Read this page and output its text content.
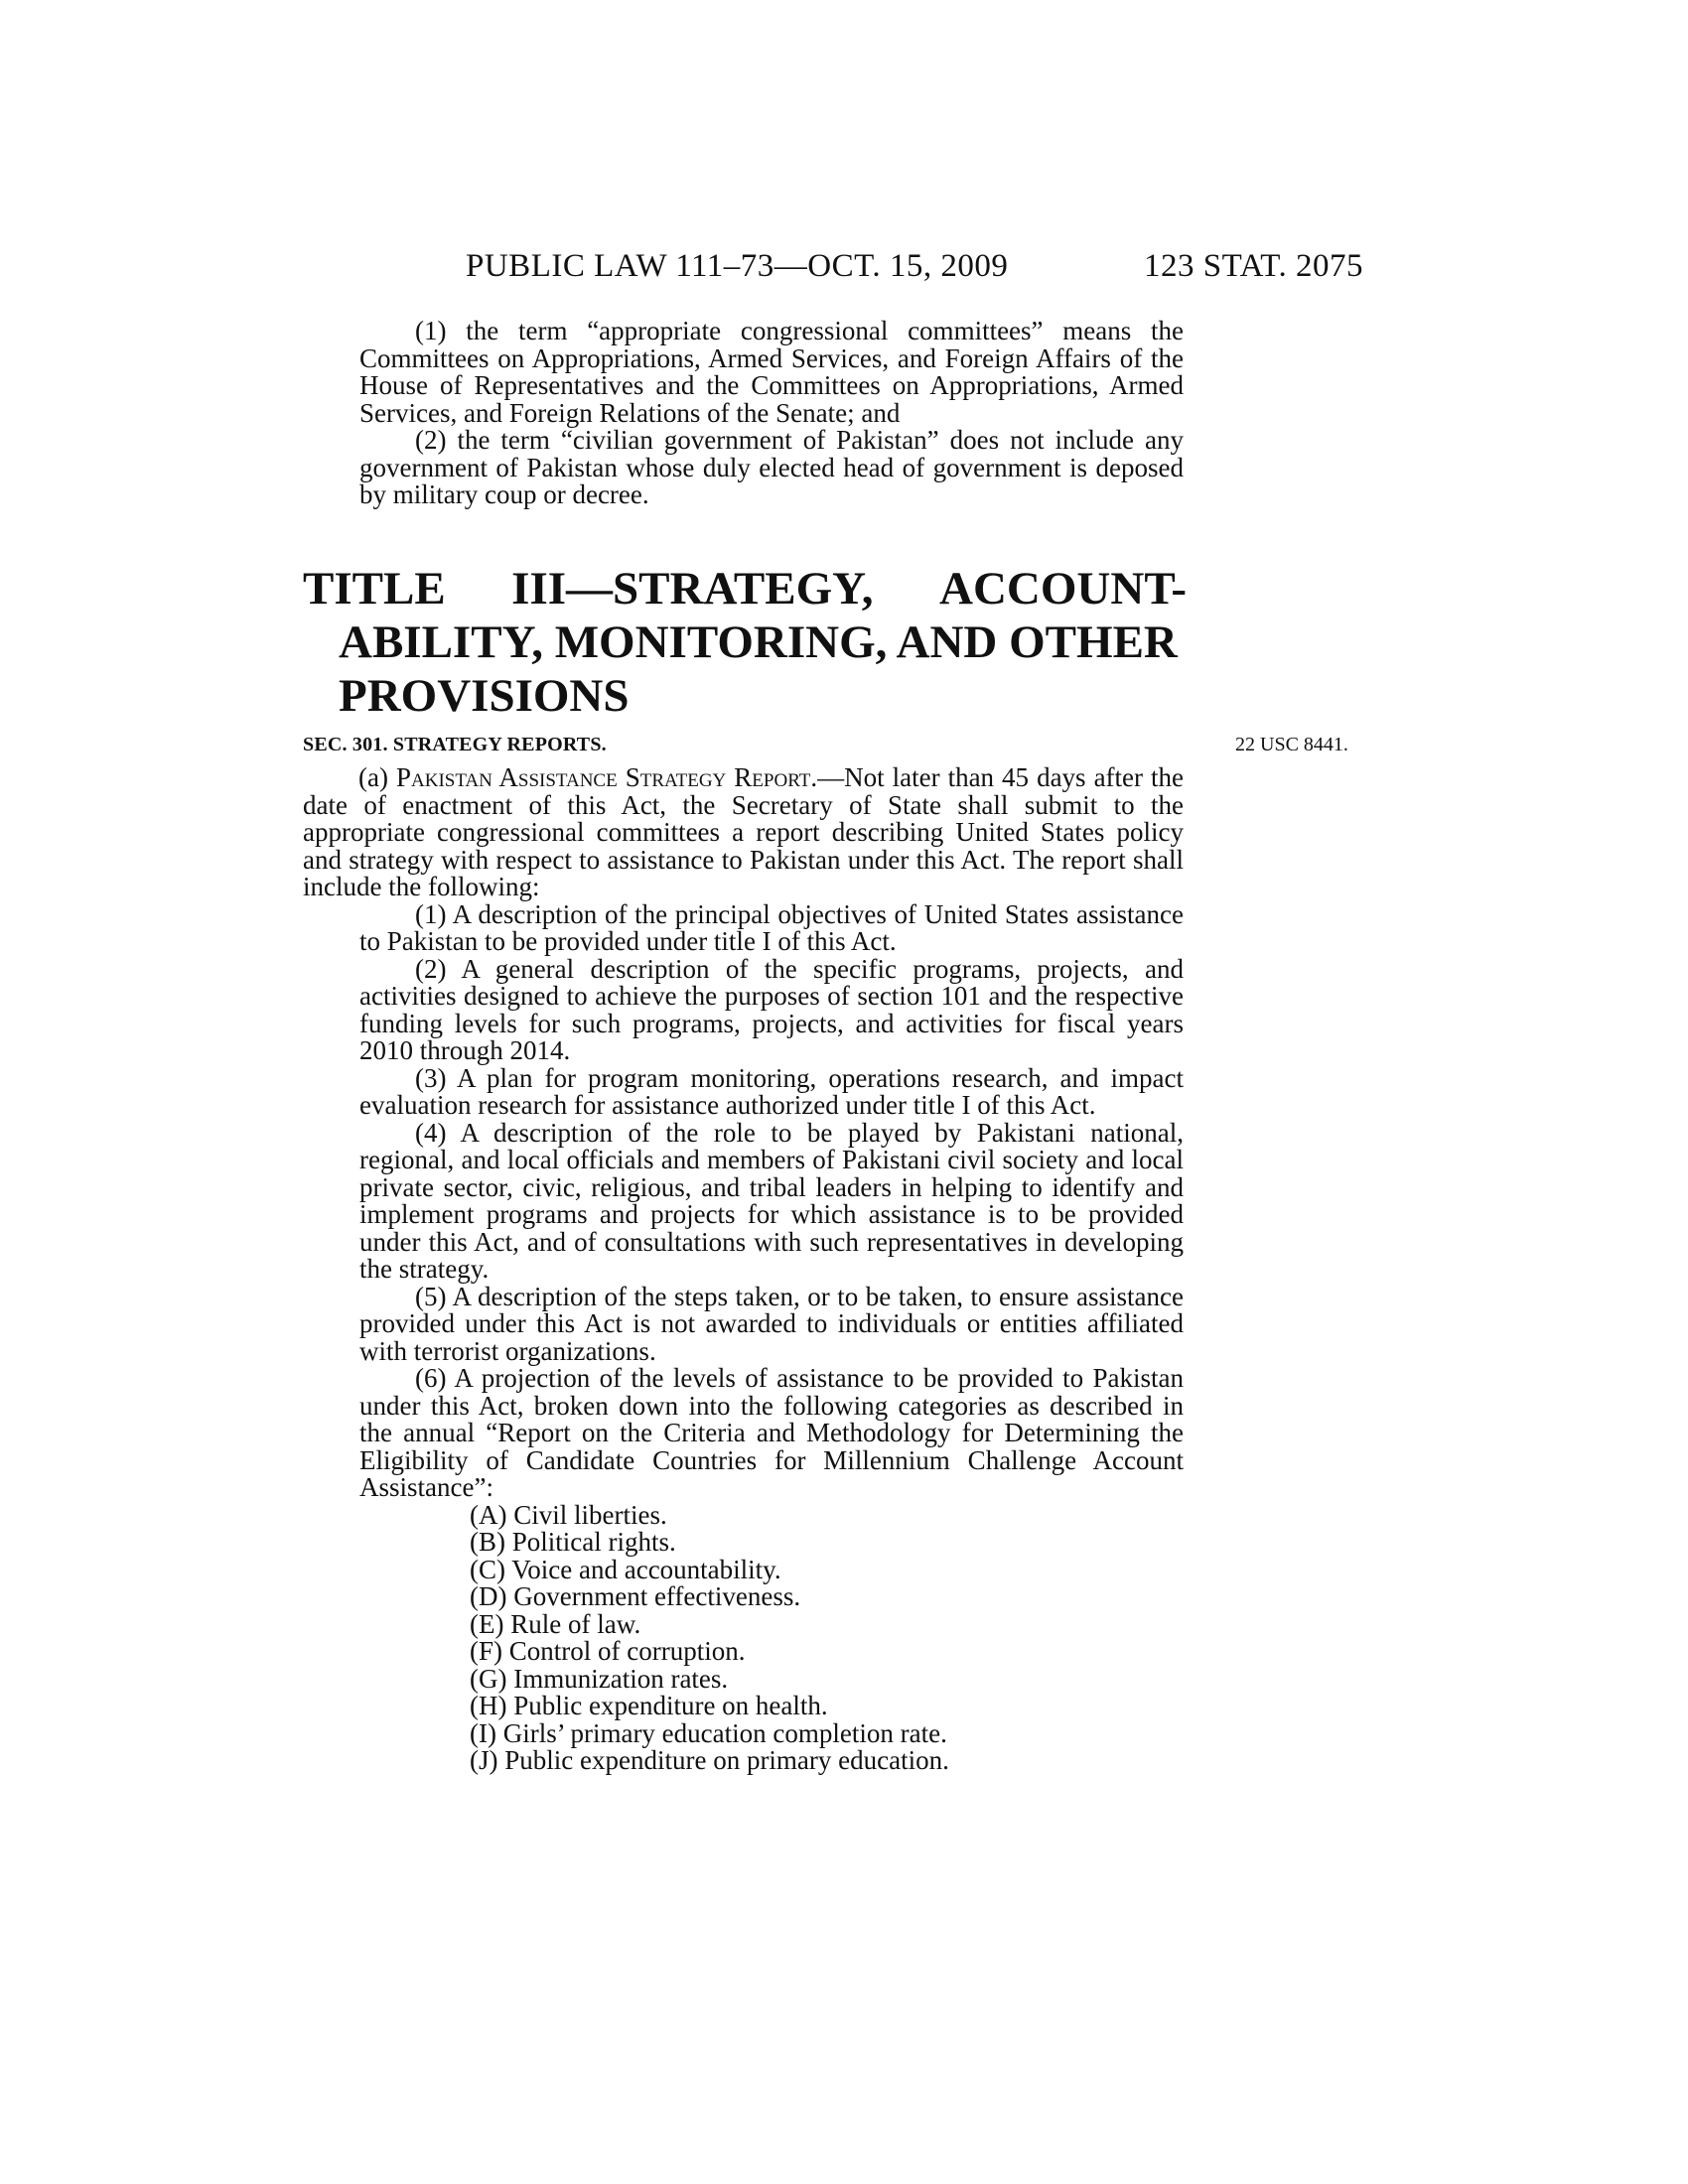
PUBLIC LAW 111–73—OCT. 15, 2009	123 STAT. 2075

(1) the term “appropriate congressional committees” means the Committees on Appropriations, Armed Services, and Foreign Affairs of the House of Representatives and the Committees on Appropriations, Armed Services, and Foreign Relations of the Senate; and

(2) the term “civilian government of Pakistan” does not include any government of Pakistan whose duly elected head of government is deposed by military coup or decree.

TITLE III—STRATEGY, ACCOUNT-
ABILITY, MONITORING, AND OTHER
PROVISIONS
SEC. 301. STRATEGY REPORTS.	22 USC 8441.

(a) Pakistan Assistance Strategy Report.—Not later than 45 days after the date of enactment of this Act, the Secretary of State shall submit to the appropriate congressional committees a report describing United States policy and strategy with respect to assistance to Pakistan under this Act. The report shall include the following:

(1) A description of the principal objectives of United States assistance to Pakistan to be provided under title I of this Act.

(2) A general description of the specific programs, projects, and activities designed to achieve the purposes of section 101 and the respective funding levels for such programs, projects, and activities for fiscal years 2010 through 2014.

(3) A plan for program monitoring, operations research, and impact evaluation research for assistance authorized under title I of this Act.

(4) A description of the role to be played by Pakistani national, regional, and local officials and members of Pakistani civil society and local private sector, civic, religious, and tribal leaders in helping to identify and implement programs and projects for which assistance is to be provided under this Act, and of consultations with such representatives in developing the strategy.

(5) A description of the steps taken, or to be taken, to ensure assistance provided under this Act is not awarded to individuals or entities affiliated with terrorist organizations.

(6) A projection of the levels of assistance to be provided to Pakistan under this Act, broken down into the following categories as described in the annual “Report on the Criteria and Methodology for Determining the Eligibility of Candidate Countries for Millennium Challenge Account Assistance”:

(A) Civil liberties.

(B) Political rights.

(C) Voice and accountability.

(D) Government effectiveness.

(E) Rule of law.

(F) Control of corruption.

(G) Immunization rates.

(H) Public expenditure on health.

(I) Girls’ primary education completion rate.

(J) Public expenditure on primary education.
